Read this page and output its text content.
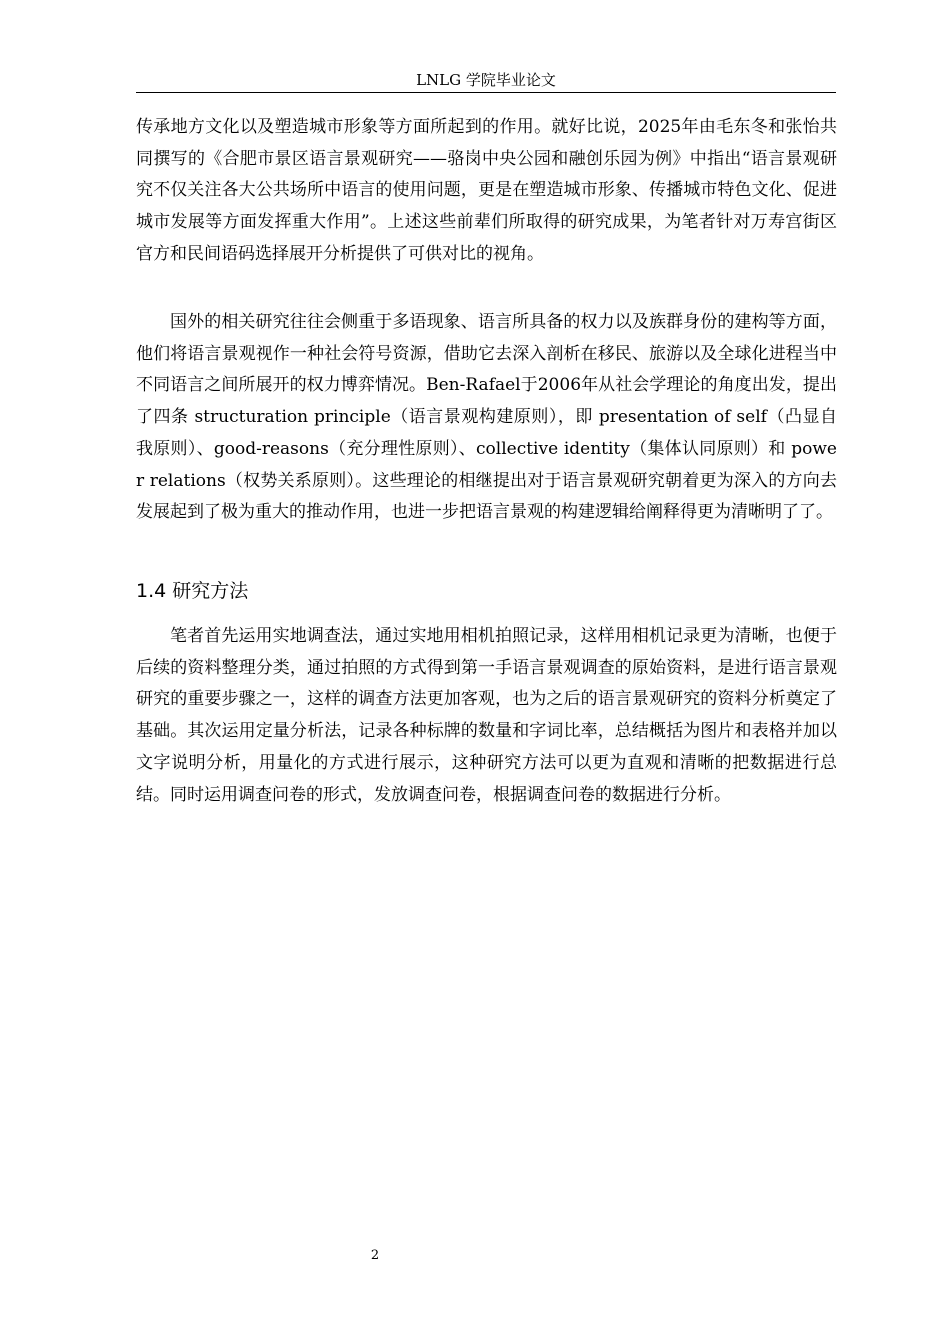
LNLG 学院毕业论文

传承地方文化以及塑造城市形象等方面所起到的作用。就好比说，2025年由毛东冬和张怡共同撰写的《合肥市景区语言景观研究——骆岗中央公园和融创乐园为例》中指出“语言景观研究不仅关注各大公共场所中语言的使用问题，更是在塑造城市形象、传播城市特色文化、促进城市发展等方面发挥重大作用”。上述这些前辈们所取得的研究成果，为笔者针对万寿宫街区官方和民间语码选择展开分析提供了可供对比的视角。

国外的相关研究往往会侧重于多语现象、语言所具备的权力以及族群身份的建构等方面，他们将语言景观视作一种社会符号资源，借助它去深入剖析在移民、旅游以及全球化进程当中不同语言之间所展开的权力博弈情况。Ben-Rafael于2006年从社会学理论的角度出发，提出了四条 structuration principle（语言景观构建原则），即 presentation of self（凸显自我原则）、good-reasons（充分理性原则）、collective identity（集体认同原则）和 power relations（权势关系原则）。这些理论的相继提出对于语言景观研究朝着更为深入的方向去发展起到了极为重大的推动作用，也进一步把语言景观的构建逻辑给阐释得更为清晰明了了。

1.4 研究方法

笔者首先运用实地调查法，通过实地用相机拍照记录，这样用相机记录更为清晰，也便于后续的资料整理分类，通过拍照的方式得到第一手语言景观调查的原始资料，是进行语言景观研究的重要步骤之一，这样的调查方法更加客观，也为之后的语言景观研究的资料分析奠定了基础。其次运用定量分析法，记录各种标牌的数量和字词比率，总结概括为图片和表格并加以文字说明分析，用量化的方式进行展示，这种研究方法可以更为直观和清晰的把数据进行总结。同时运用调查问卷的形式，发放调查问卷，根据调查问卷的数据进行分析。

2
